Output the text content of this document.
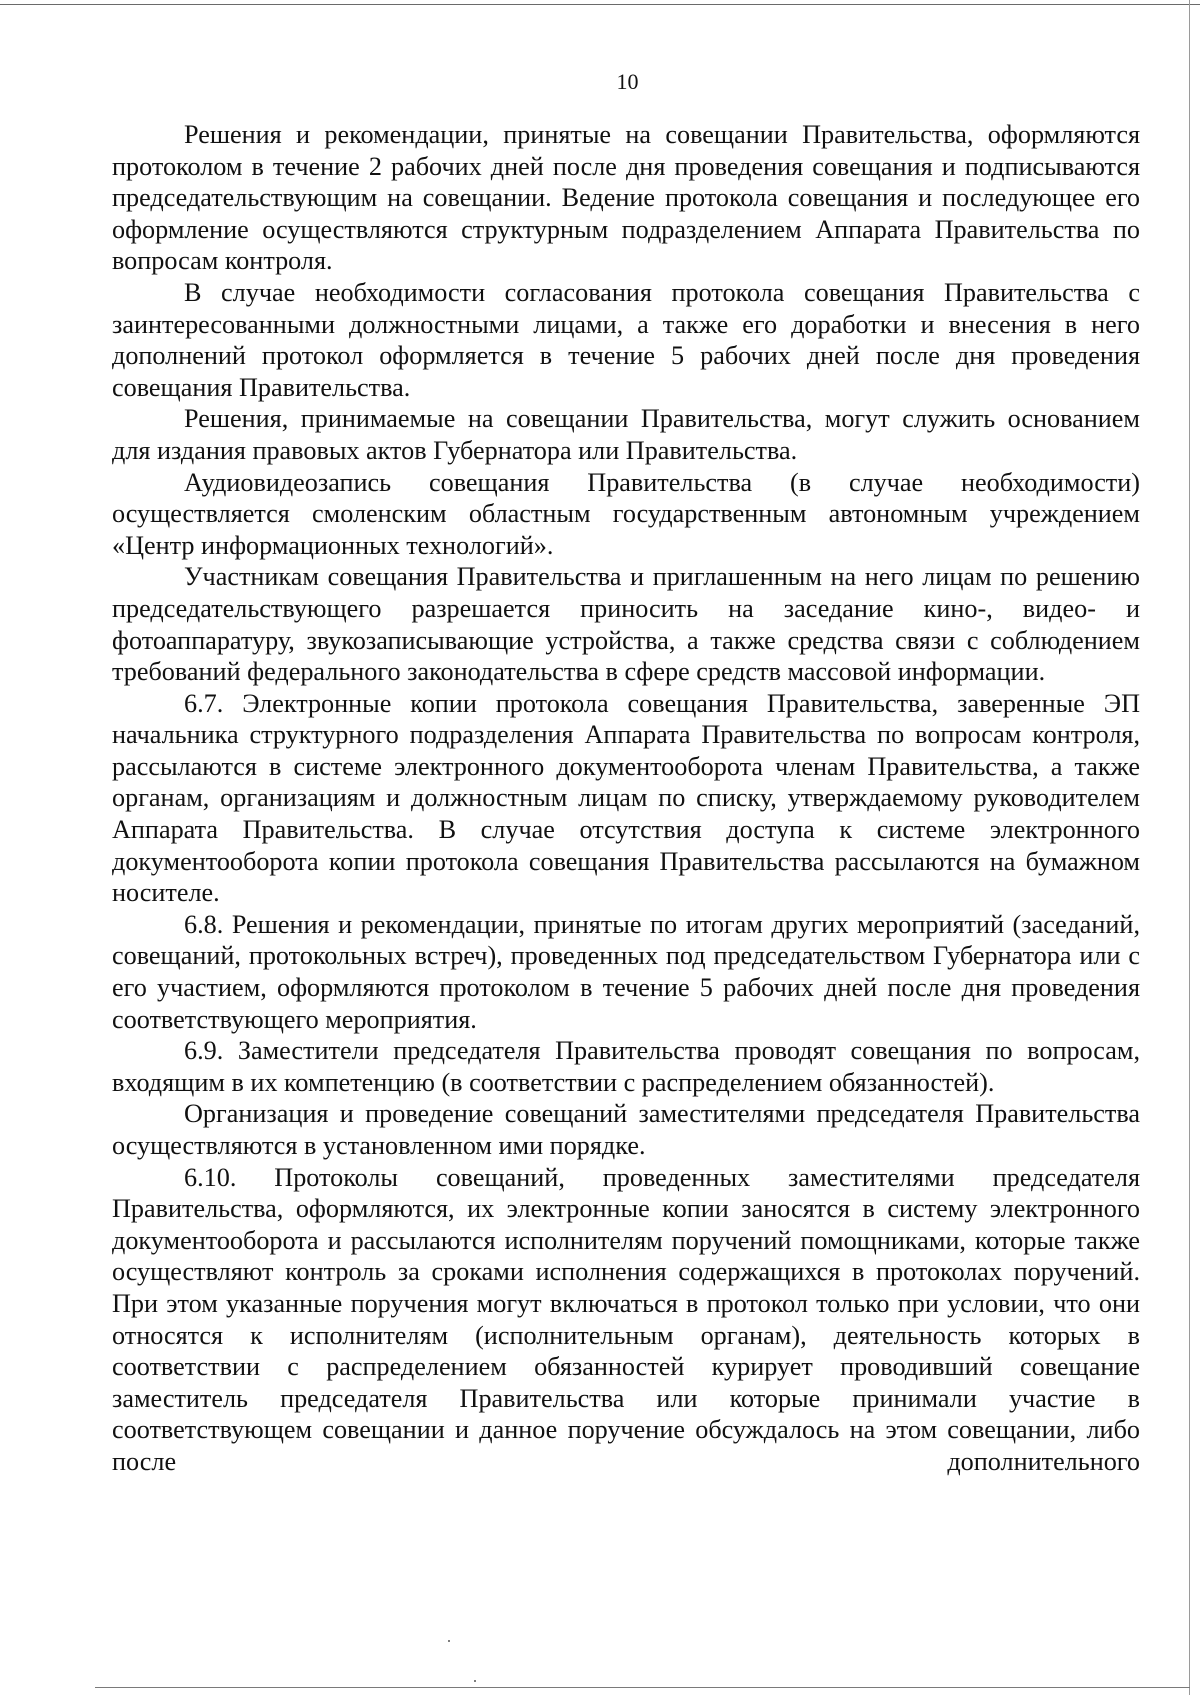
10

Решения и рекомендации, принятые на совещании Правительства, оформляются протоколом в течение 2 рабочих дней после дня проведения совещания и подписываются председательствующим на совещании. Ведение протокола совещания и последующее его оформление осуществляются структурным подразделением Аппарата Правительства по вопросам контроля.

В случае необходимости согласования протокола совещания Правительства с заинтересованными должностными лицами, а также его доработки и внесения в него дополнений протокол оформляется в течение 5 рабочих дней после дня проведения совещания Правительства.

Решения, принимаемые на совещании Правительства, могут служить основанием для издания правовых актов Губернатора или Правительства.

Аудиовидеозапись совещания Правительства (в случае необходимости) осуществляется смоленским областным государственным автономным учреждением «Центр информационных технологий».

Участникам совещания Правительства и приглашенным на него лицам по решению председательствующего разрешается приносить на заседание кино-, видео- и фотоаппаратуру, звукозаписывающие устройства, а также средства связи с соблюдением требований федерального законодательства в сфере средств массовой информации.

6.7. Электронные копии протокола совещания Правительства, заверенные ЭП начальника структурного подразделения Аппарата Правительства по вопросам контроля, рассылаются в системе электронного документооборота членам Правительства, а также органам, организациям и должностным лицам по списку, утверждаемому руководителем Аппарата Правительства. В случае отсутствия доступа к системе электронного документооборота копии протокола совещания Правительства рассылаются на бумажном носителе.

6.8. Решения и рекомендации, принятые по итогам других мероприятий (заседаний, совещаний, протокольных встреч), проведенных под председательством Губернатора или с его участием, оформляются протоколом в течение 5 рабочих дней после дня проведения соответствующего мероприятия.

6.9. Заместители председателя Правительства проводят совещания по вопросам, входящим в их компетенцию (в соответствии с распределением обязанностей).

Организация и проведение совещаний заместителями председателя Правительства осуществляются в установленном ими порядке.

6.10. Протоколы совещаний, проведенных заместителями председателя Правительства, оформляются, их электронные копии заносятся в систему электронного документооборота и рассылаются исполнителям поручений помощниками, которые также осуществляют контроль за сроками исполнения содержащихся в протоколах поручений. При этом указанные поручения могут включаться в протокол только при условии, что они относятся к исполнителям (исполнительным органам), деятельность которых в соответствии с распределением обязанностей курирует проводивший совещание заместитель председателя Правительства или которые принимали участие в соответствующем совещании и данное поручение обсуждалось на этом совещании, либо после дополнительного
